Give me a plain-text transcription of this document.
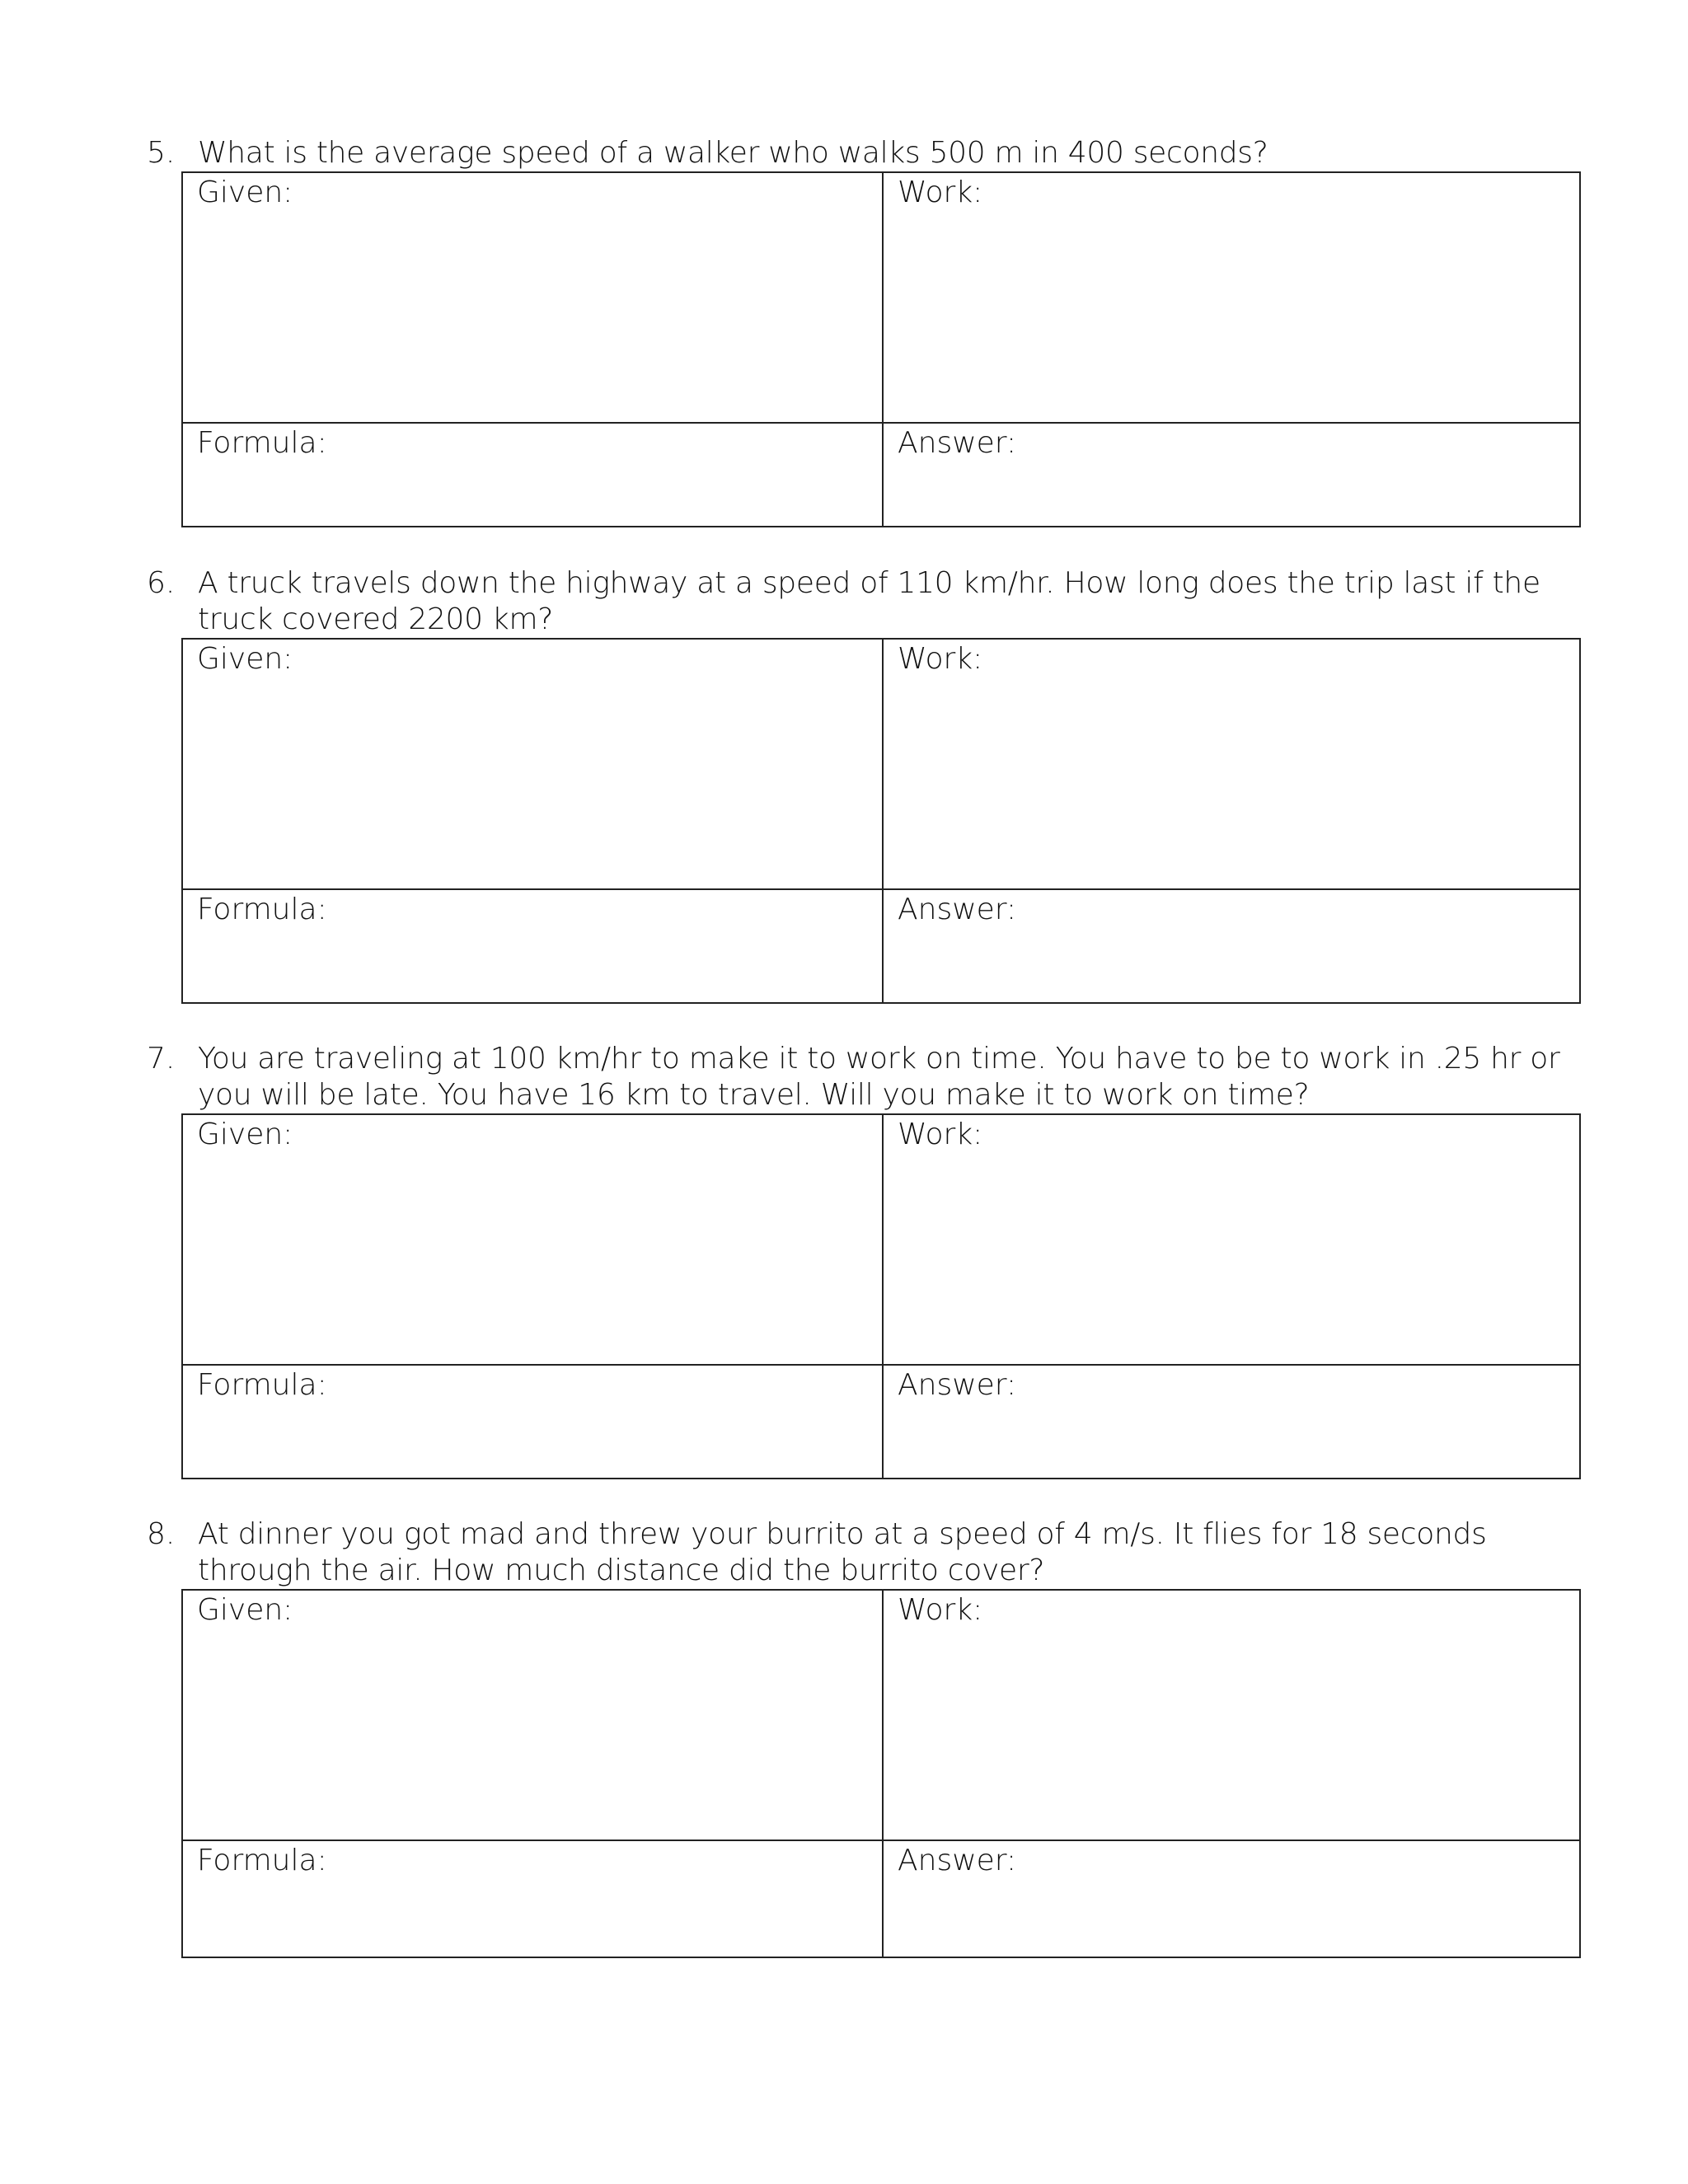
5. What is the average speed of a walker who walks 500 m in 400 seconds?
Given:	Work:
Formula:	Answer:
6. A truck travels down the highway at a speed of 110 km/hr. How long does the trip last if the truck covered 2200 km?
Given:	Work:
Formula:	Answer:
7. You are traveling at 100 km/hr to make it to work on time. You have to be to work in .25 hr or you will be late. You have 16 km to travel. Will you make it to work on time?
Given:	Work:
Formula:	Answer:
8. At dinner you got mad and threw your burrito at a speed of 4 m/s. It flies for 18 seconds through the air. How much distance did the burrito cover?
Given:	Work:
Formula:	Answer:
